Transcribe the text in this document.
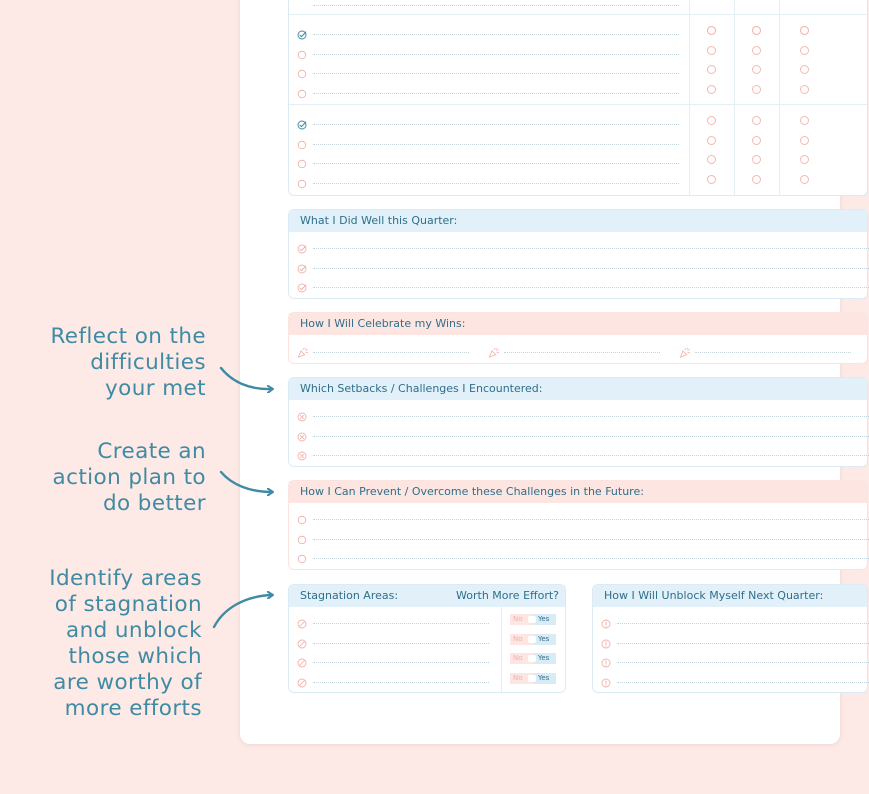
Reflect on the
difficulties
your met
Create an
action plan to
do better
Identify areas
of stagnation
and unblock
those which
are worthy of
more efforts
What I Did Well this Quarter:
How I Will Celebrate my Wins:
Which Setbacks / Challenges I Encountered:
How I Can Prevent / Overcome these Challenges in the Future:
Stagnation Areas:	Worth More Effort?
No	Yes
No	Yes
No	Yes
No	Yes
How I Will Unblock Myself Next Quarter:
